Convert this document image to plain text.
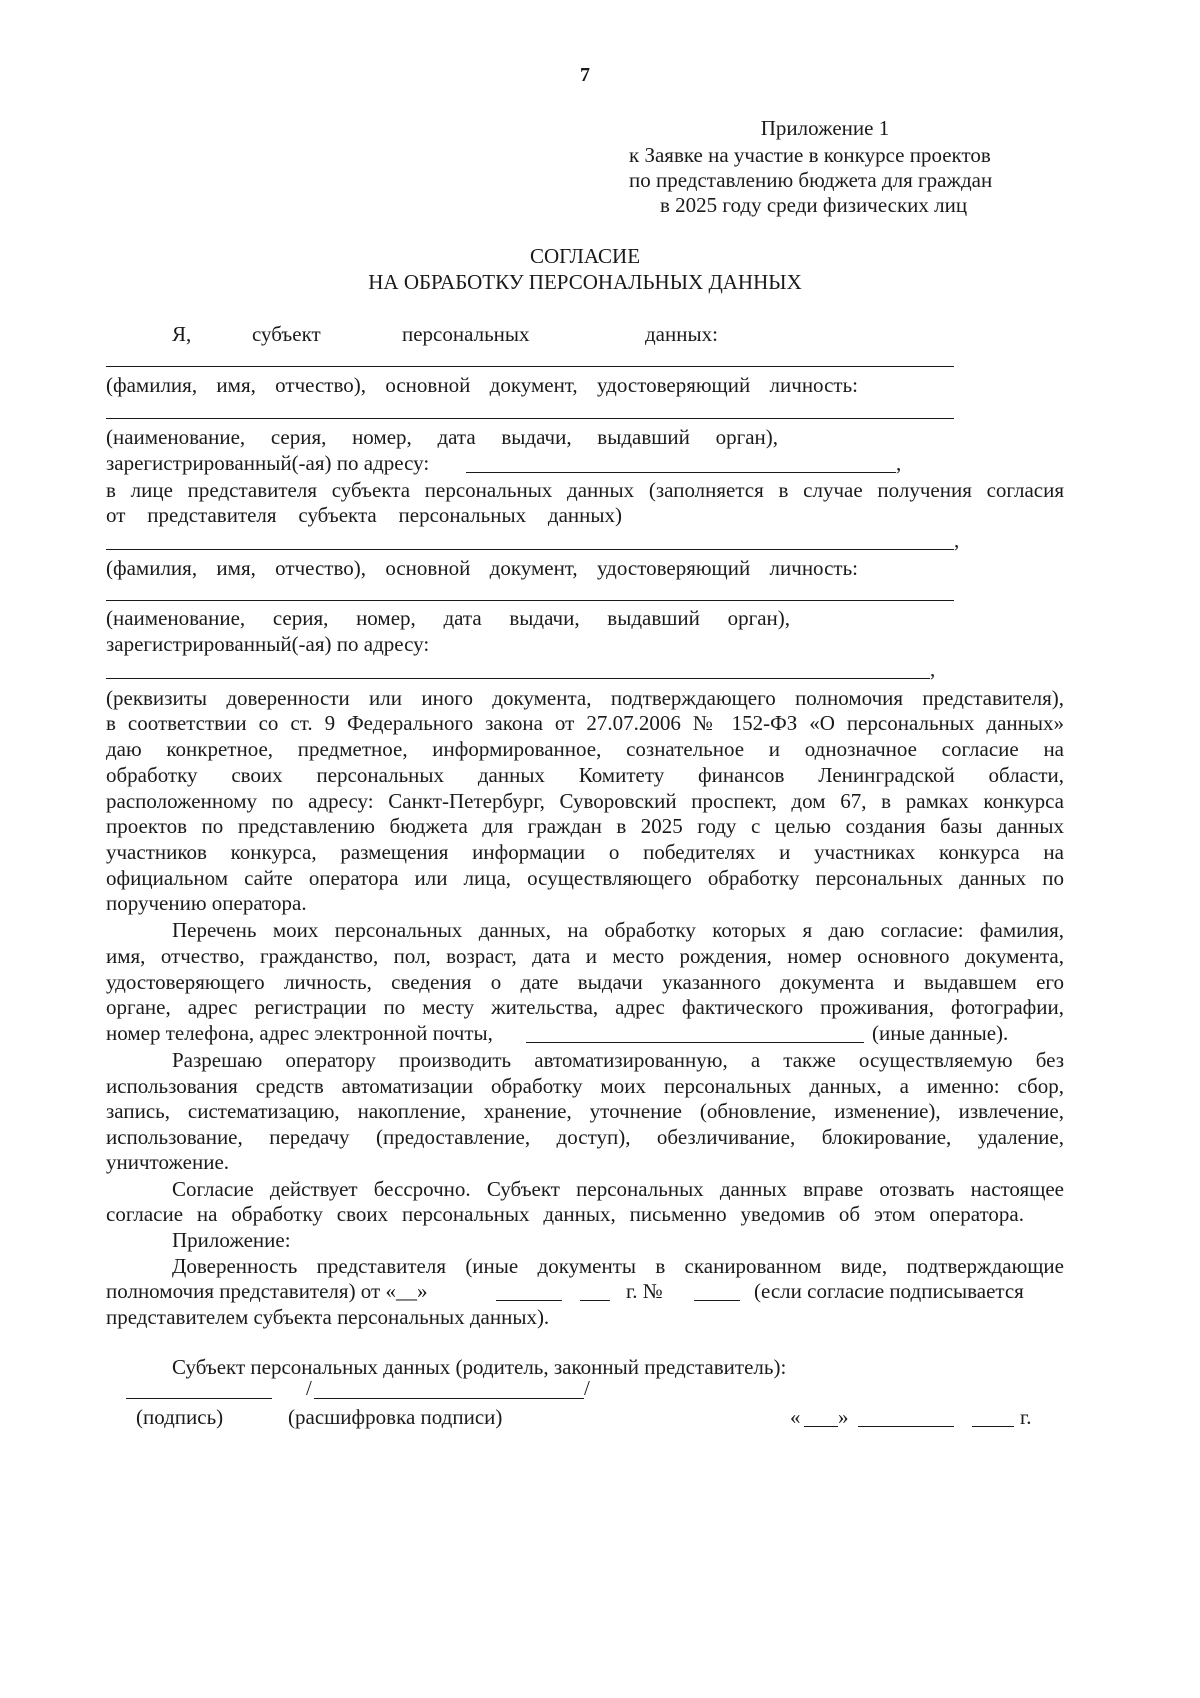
7
Приложение 1
к Заявке на участие в конкурсе проектов
по представлению бюджета для граждан
в 2025 году среди физических лиц
СОГЛАСИЕ
НА ОБРАБОТКУ ПЕРСОНАЛЬНЫХ ДАННЫХ
Я,	субъект	персональных	данных:
(фамилия, имя, отчество), основной документ, удостоверяющий личность:
(наименование, серия, номер, дата выдачи, выдавший орган),
зарегистрированный(-ая) по адресу:	,
в лице представителя субъекта персональных данных (заполняется в случае получения согласия
от представителя субъекта персональных данных)
,
(фамилия, имя, отчество), основной документ, удостоверяющий личность:
(наименование, серия, номер, дата выдачи, выдавший орган),
зарегистрированный(-ая) по адресу:
,
(реквизиты доверенности или иного документа, подтверждающего полномочия представителя),
в соответствии со ст. 9 Федерального закона от 27.07.2006 № 152-ФЗ «О персональных данных»
даю конкретное, предметное, информированное, сознательное и однозначное согласие на
обработку своих персональных данных Комитету финансов Ленинградской области,
расположенному по адресу: Санкт-Петербург, Суворовский проспект, дом 67, в рамках конкурса
проектов по представлению бюджета для граждан в 2025 году с целью создания базы данных
участников конкурса, размещения информации о победителях и участниках конкурса на
официальном сайте оператора или лица, осуществляющего обработку персональных данных по
поручению оператора.
Перечень моих персональных данных, на обработку которых я даю согласие: фамилия,
имя, отчество, гражданство, пол, возраст, дата и место рождения, номер основного документа,
удостоверяющего личность, сведения о дате выдачи указанного документа и выдавшем его
органе, адрес регистрации по месту жительства, адрес фактического проживания, фотографии,
номер телефона, адрес электронной почты,	(иные данные).
Разрешаю оператору производить автоматизированную, а также осуществляемую без
использования средств автоматизации обработку моих персональных данных, а именно: сбор,
запись, систематизацию, накопление, хранение, уточнение (обновление, изменение), извлечение,
использование, передачу (предоставление, доступ), обезличивание, блокирование, удаление,
уничтожение.
Согласие действует бессрочно. Субъект персональных данных вправе отозвать настоящее
согласие на обработку своих персональных данных, письменно уведомив об этом оператора.
Приложение:
Доверенность представителя (иные документы в сканированном виде, подтверждающие
полномочия представителя) от «__»	г. №	(если согласие подписывается
представителем субъекта персональных данных).
Субъект персональных данных (родитель, законный представитель):
/	/
(подпись)	(расшифровка подписи)	« »	г.
